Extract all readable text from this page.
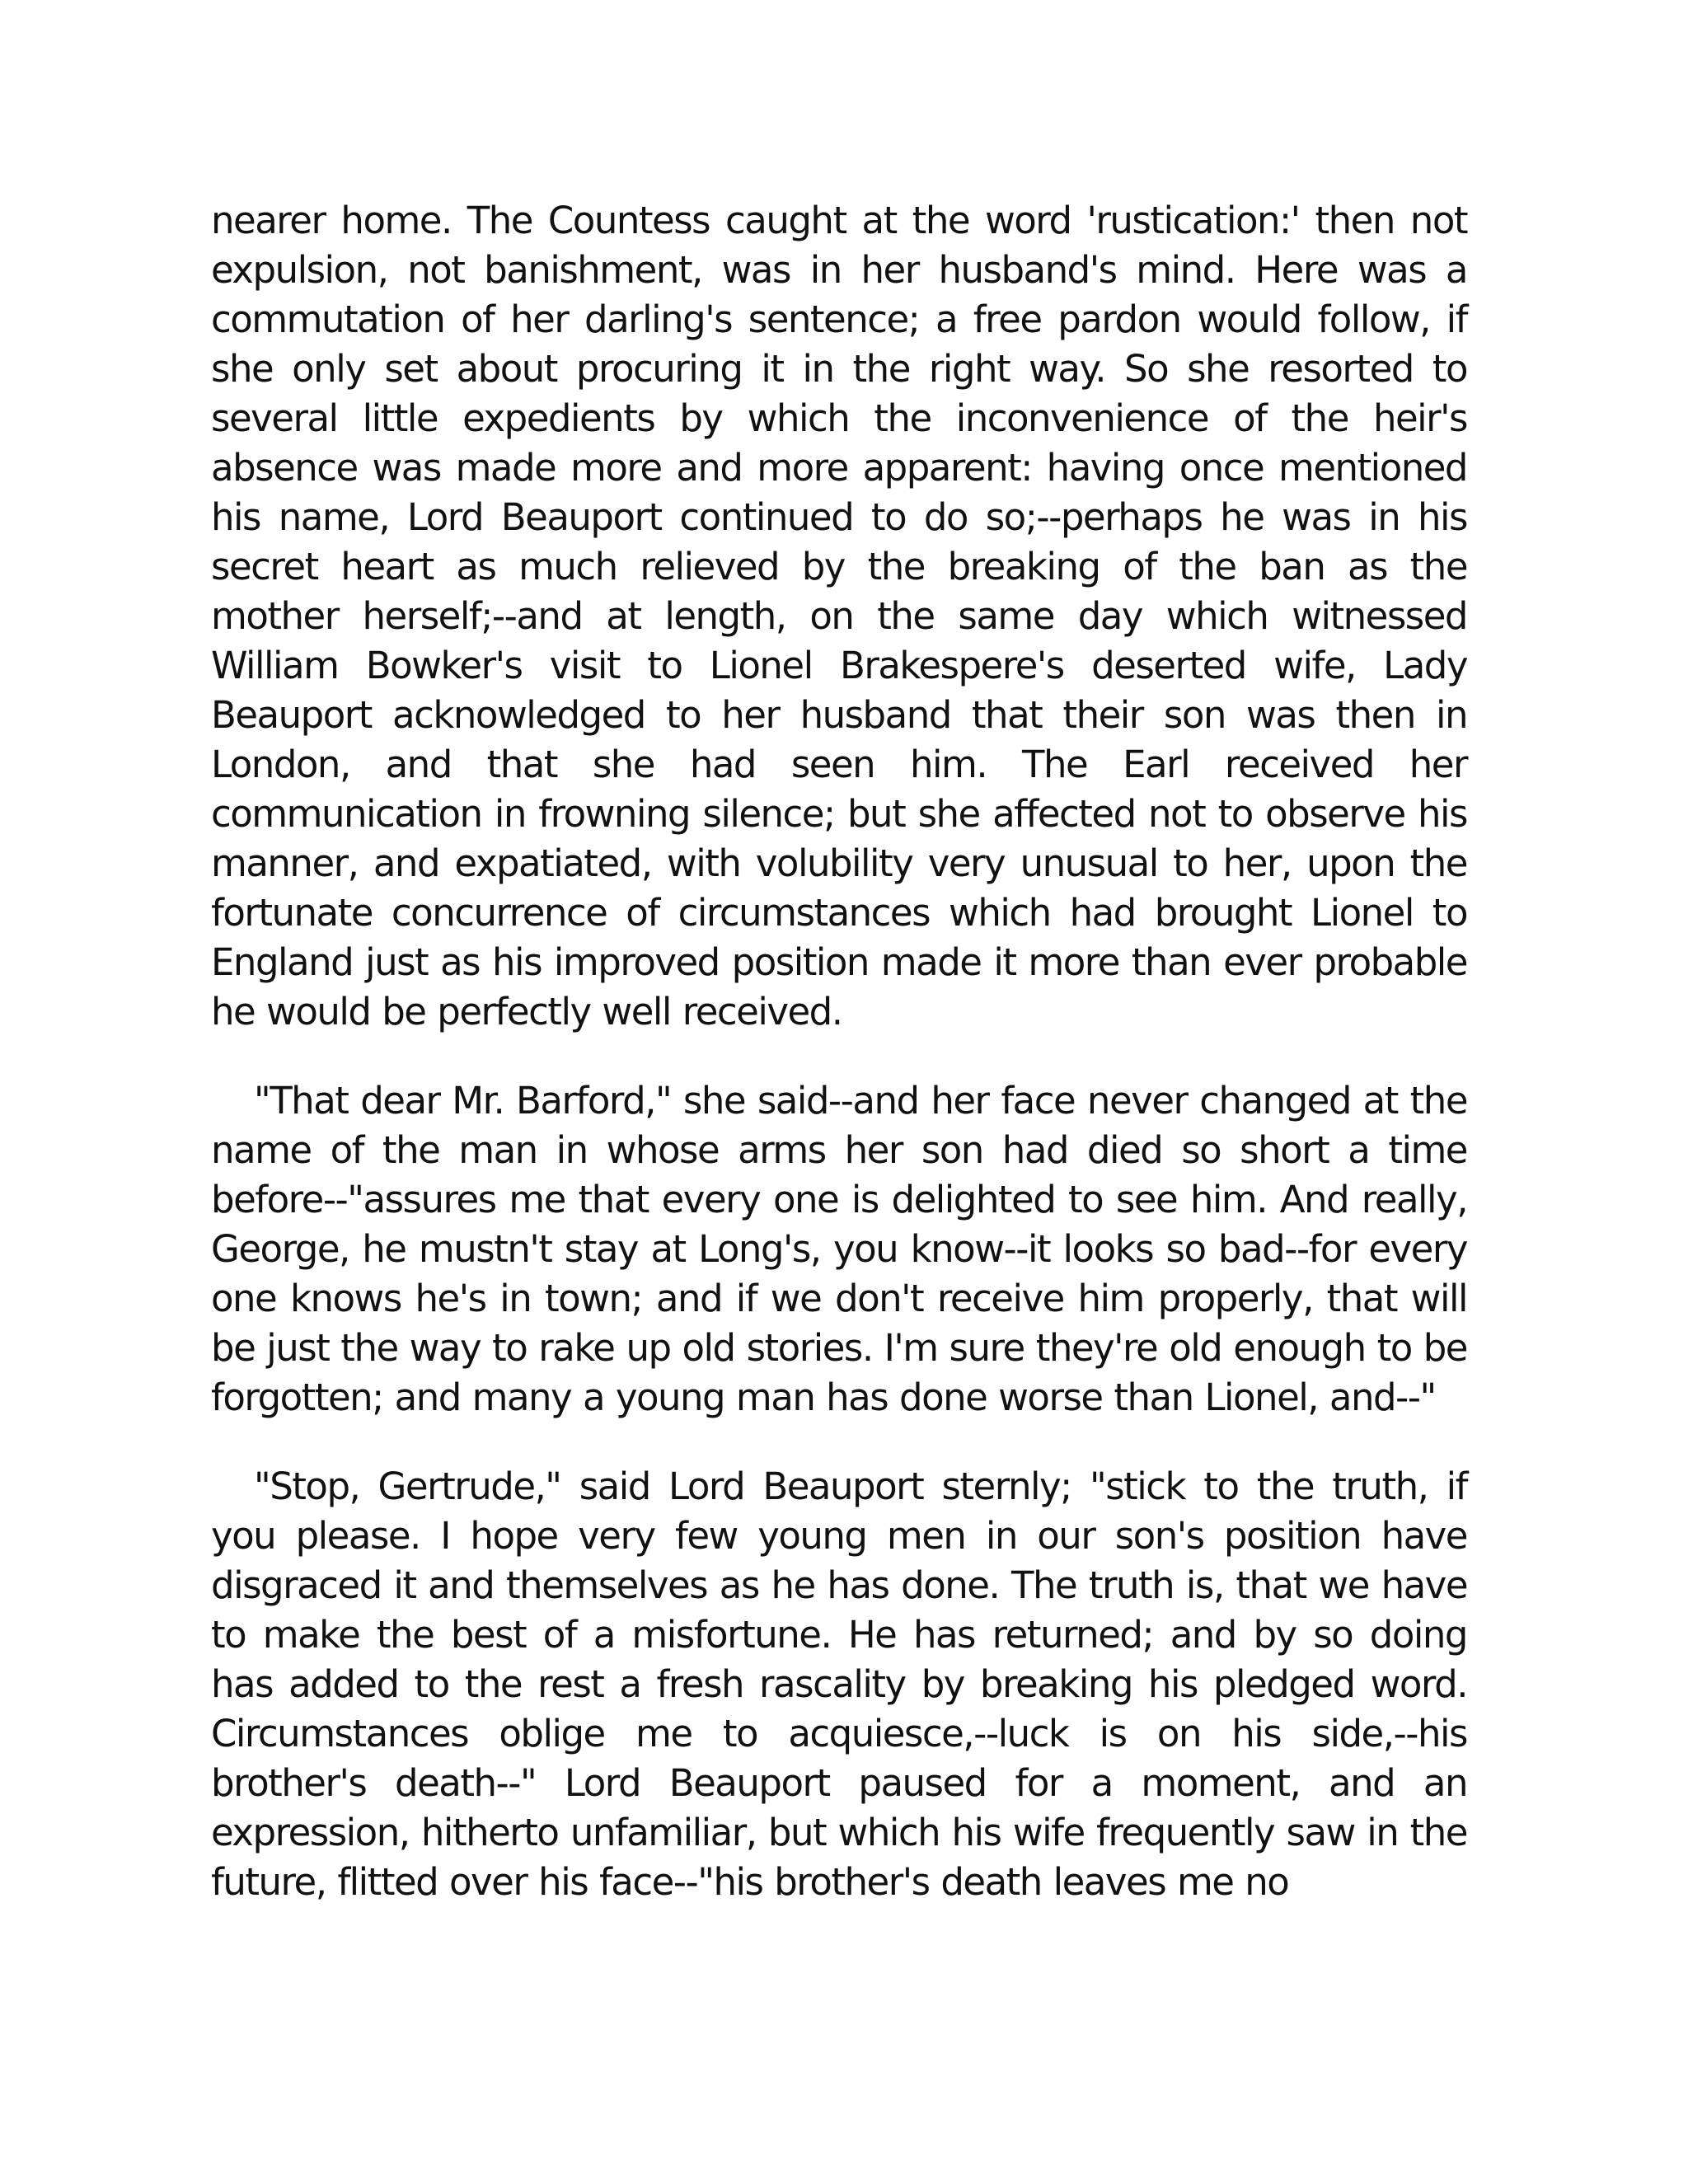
nearer home. The Countess caught at the word 'rustication:' then not expulsion, not banishment, was in her husband's mind. Here was a commutation of her darling's sentence; a free pardon would follow, if she only set about procuring it in the right way. So she resorted to several little expedients by which the inconvenience of the heir's absence was made more and more apparent: having once mentioned his name, Lord Beauport continued to do so;--perhaps he was in his secret heart as much relieved by the breaking of the ban as the mother herself;--and at length, on the same day which witnessed William Bowker's visit to Lionel Brakespere's deserted wife, Lady Beauport acknowledged to her husband that their son was then in London, and that she had seen him. The Earl received her communication in frowning silence; but she affected not to observe his manner, and expatiated, with volubility very unusual to her, upon the fortunate concurrence of circumstances which had brought Lionel to England just as his improved position made it more than ever probable he would be perfectly well received.

"That dear Mr. Barford," she said--and her face never changed at the name of the man in whose arms her son had died so short a time before--"assures me that every one is delighted to see him. And really, George, he mustn't stay at Long's, you know--it looks so bad--for every one knows he's in town; and if we don't receive him properly, that will be just the way to rake up old stories. I'm sure they're old enough to be forgotten; and many a young man has done worse than Lionel, and--"

"Stop, Gertrude," said Lord Beauport sternly; "stick to the truth, if you please. I hope very few young men in our son's position have disgraced it and themselves as he has done. The truth is, that we have to make the best of a misfortune. He has returned; and by so doing has added to the rest a fresh rascality by breaking his pledged word. Circumstances oblige me to acquiesce,--luck is on his side,--his brother's death--" Lord Beauport paused for a moment, and an expression, hitherto unfamiliar, but which his wife frequently saw in the future, flitted over his face--"his brother's death leaves me no
